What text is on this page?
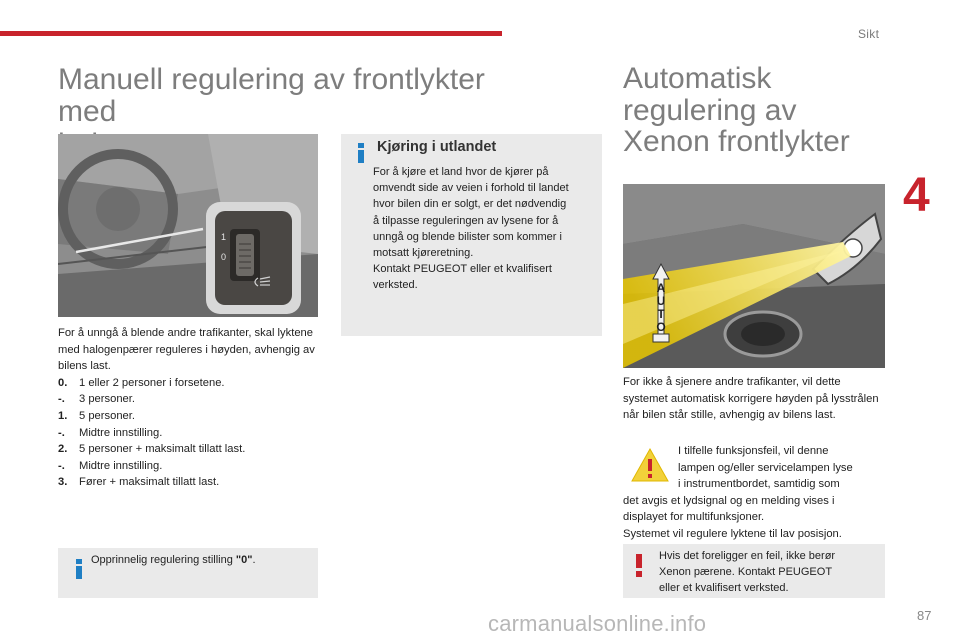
Sikt
4
Manuell regulering av frontlykter med
1
0
For å unngå å blende andre trafikanter, skal lyktene med halogenpærer reguleres i høyden, avhengig av bilens last.
0.	1 eller 2 personer i forsetene.
-.	3 personer.
1.	5 personer.
-.	Midtre innstilling.
2.	5 personer + maksimalt tillatt last.
-.	Midtre innstilling.
3.	Fører + maksimalt tillatt last.
Opprinnelig regulering stilling "0".
Kjøring i utlandet
For å kjøre et land hvor de kjører på
omvendt side av veien i forhold til landet
hvor bilen din er solgt, er det nødvendig
å tilpasse reguleringen av lysene for å
unngå og blende bilister som kommer i
motsatt kjøreretning.
Kontakt PEUGEOT eller et kvalifisert
verksted.
Automatisk
regulering av
Xenon frontlykter
A
U
T
O
For ikke å sjenere andre trafikanter, vil dette systemet automatisk korrigere høyden på lysstrålen når bilen står stille, avhengig av bilens last.
I tilfelle funksjonsfeil, vil denne
lampen og/eller servicelampen lyse
i instrumentbordet, samtidig som
det avgis et lydsignal og en melding vises i
displayet for multifunksjoner.
Systemet vil regulere lyktene til lav posisjon.
Hvis det foreligger en feil, ikke berør
Xenon pærene. Kontakt PEUGEOT
eller et kvalifisert verksted.
carmanualsonline.info	87
